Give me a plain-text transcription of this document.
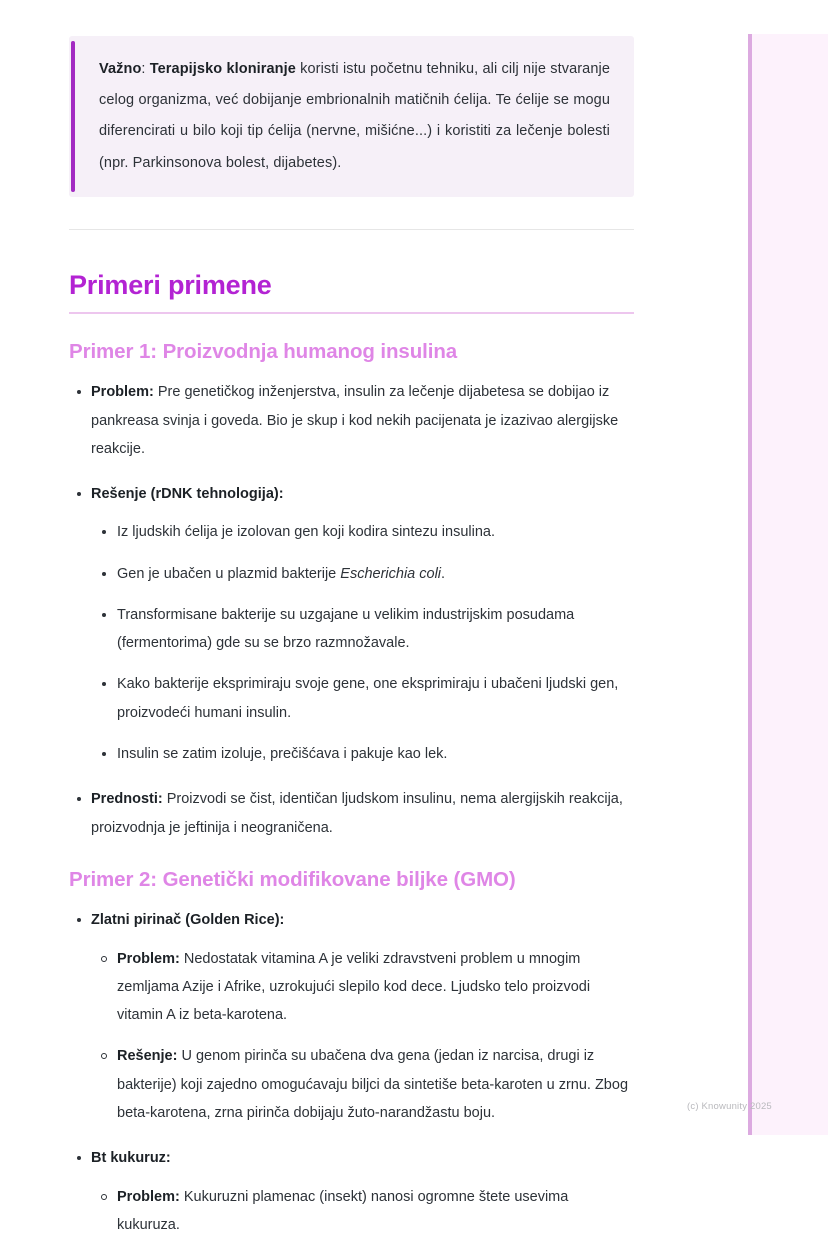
Važno: Terapijsko kloniranje koristi istu početnu tehniku, ali cilj nije stvaranje celog organizma, već dobijanje embrionalnih matičnih ćelija. Te ćelije se mogu diferencirati u bilo koji tip ćelija (nervne, mišićne...) i koristiti za lečenje bolesti (npr. Parkinsonova bolest, dijabetes).

Primeri primene
Primer 1: Proizvodnja humanog insulina
Problem: Pre genetičkog inženjerstva, insulin za lečenje dijabetesa se dobijao iz pankreasa svinja i goveda. Bio je skup i kod nekih pacijenata je izazivao alergijske reakcije.
Rešenje (rDNK tehnologija):
Iz ljudskih ćelija je izolovan gen koji kodira sintezu insulina.
Gen je ubačen u plazmid bakterije Escherichia coli.
Transformisane bakterije su uzgajane u velikim industrijskim posudama (fermentorima) gde su se brzo razmnožavale.
Kako bakterije eksprimiraju svoje gene, one eksprimiraju i ubačeni ljudski gen, proizvodeći humani insulin.
Insulin se zatim izoluje, prečišćava i pakuje kao lek.
Prednosti: Proizvodi se čist, identičan ljudskom insulinu, nema alergijskih reakcija, proizvodnja je jeftinija i neograničena.
Primer 2: Genetički modifikovane biljke (GMO)
Zlatni pirinač (Golden Rice):
Problem: Nedostatak vitamina A je veliki zdravstveni problem u mnogim zemljama Azije i Afrike, uzrokujući slepilo kod dece. Ljudsko telo proizvodi vitamin A iz beta-karotena.
Rešenje: U genom pirinča su ubačena dva gena (jedan iz narcisa, drugi iz bakterije) koji zajedno omogućavaju biljci da sintetiše beta-karoten u zrnu. Zbog beta-karotena, zrna pirinča dobijaju žuto-narandžastu boju.
Bt kukuruz:
Problem: Kukuruzni plamenac (insekt) nanosi ogromne štete usevima kukuruza.
(c) Knowunity 2025
